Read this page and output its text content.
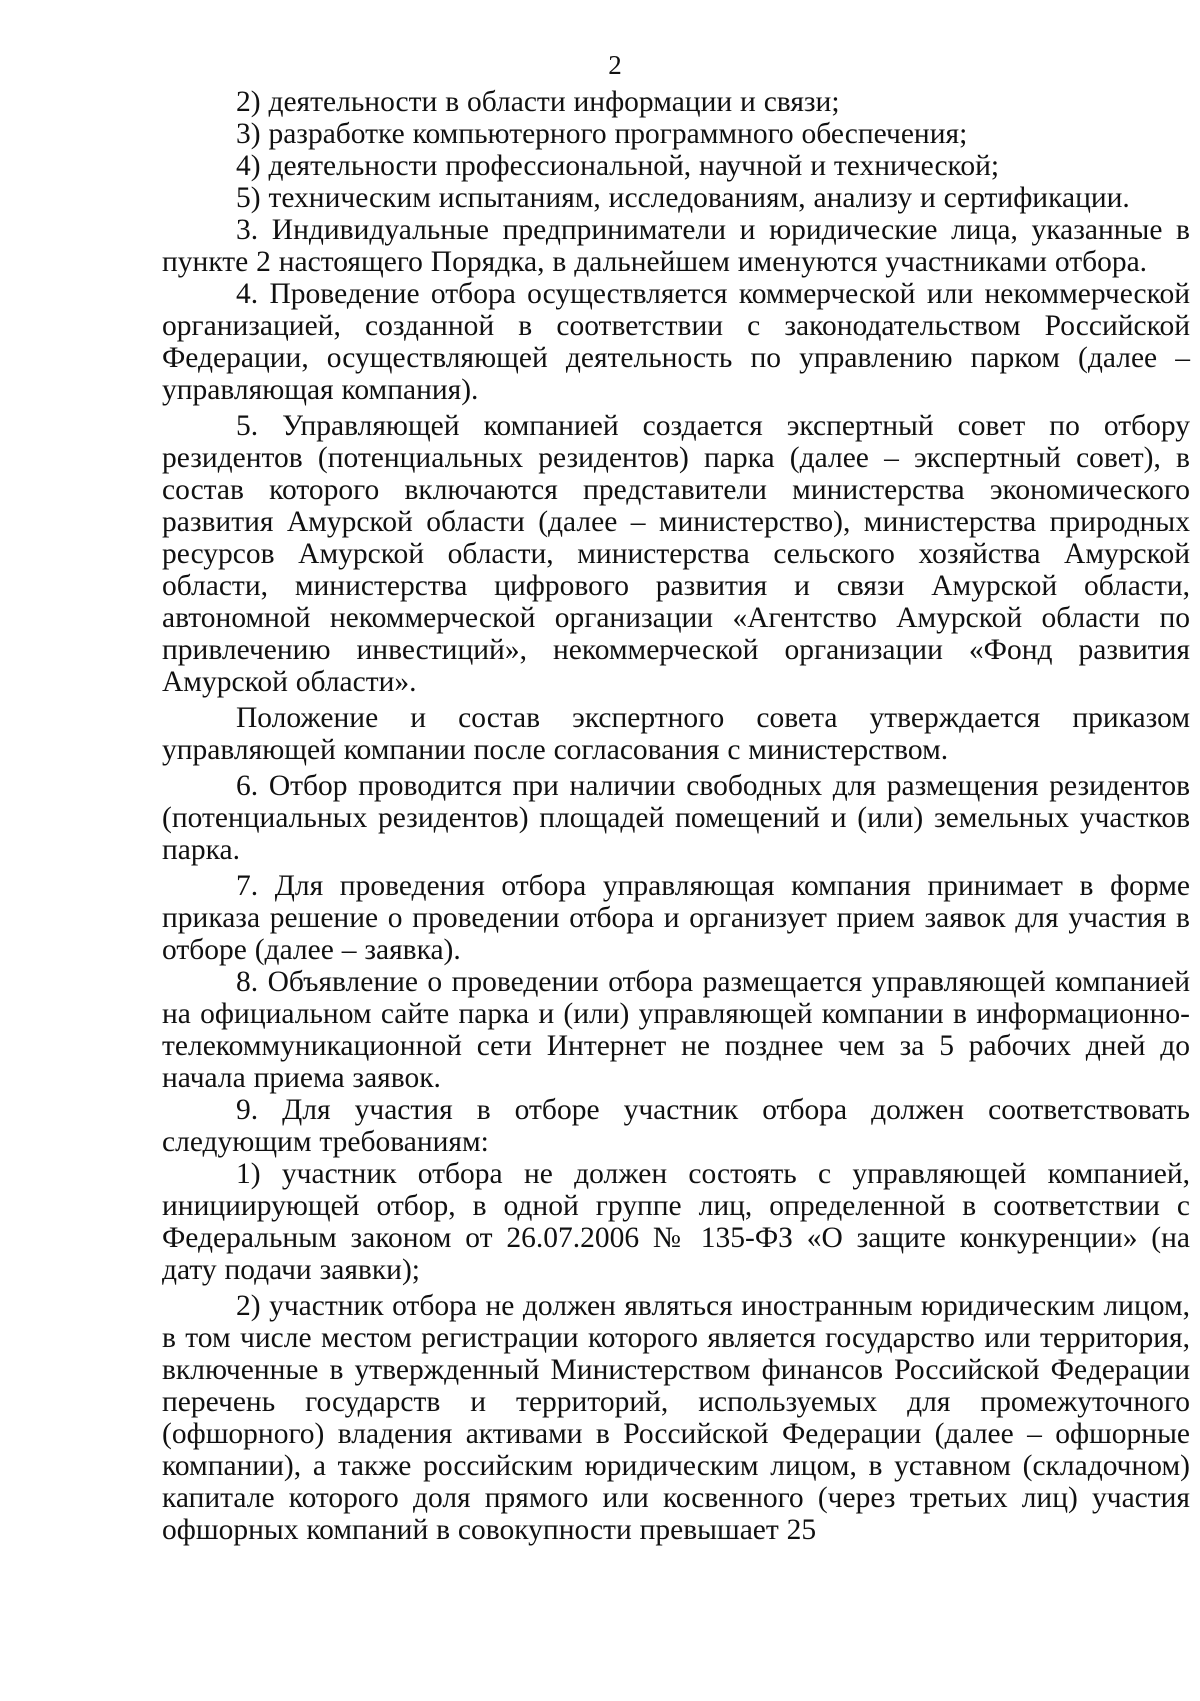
2

2) деятельности в области информации и связи;

3) разработке компьютерного программного обеспечения;

4) деятельности профессиональной, научной и технической;

5) техническим испытаниям, исследованиям, анализу и сертификации.

3. Индивидуальные предприниматели и юридические лица, указанные в пункте 2 настоящего Порядка, в дальнейшем именуются участниками отбора.

4. Проведение отбора осуществляется коммерческой или некоммерческой организацией, созданной в соответствии с законодательством Российской Федерации, осуществляющей деятельность по управлению парком (далее – управляющая компания).

5. Управляющей компанией создается экспертный совет по отбору резидентов (потенциальных резидентов) парка (далее – экспертный совет), в состав которого включаются представители министерства экономического развития Амурской области (далее – министерство), министерства природных ресурсов Амурской области, министерства сельского хозяйства Амурской области, министерства цифрового развития и связи Амурской области, автономной некоммерческой организации «Агентство Амурской области по привлечению инвестиций», некоммерческой организации «Фонд развития Амурской области».

Положение и состав экспертного совета утверждается приказом управляющей компании после согласования с министерством.

6. Отбор проводится при наличии свободных для размещения резидентов (потенциальных резидентов) площадей помещений и (или) земельных участков парка.

7. Для проведения отбора управляющая компания принимает в форме приказа решение о проведении отбора и организует прием заявок для участия в отборе (далее – заявка).

8. Объявление о проведении отбора размещается управляющей компанией на официальном сайте парка и (или) управляющей компании в информационно-телекоммуникационной сети Интернет не позднее чем за 5 рабочих дней до начала приема заявок.

9. Для участия в отборе участник отбора должен соответствовать следующим требованиям:

1) участник отбора не должен состоять с управляющей компанией, инициирующей отбор, в одной группе лиц, определенной в соответствии с Федеральным законом от 26.07.2006 № 135-ФЗ «О защите конкуренции» (на дату подачи заявки);

2) участник отбора не должен являться иностранным юридическим лицом, в том числе местом регистрации которого является государство или территория, включенные в утвержденный Министерством финансов Российской Федерации перечень государств и территорий, используемых для промежуточного (офшорного) владения активами в Российской Федерации (далее – офшорные компании), а также российским юридическим лицом, в уставном (складочном) капитале которого доля прямого или косвенного (через третьих лиц) участия офшорных компаний в совокупности превышает 25
